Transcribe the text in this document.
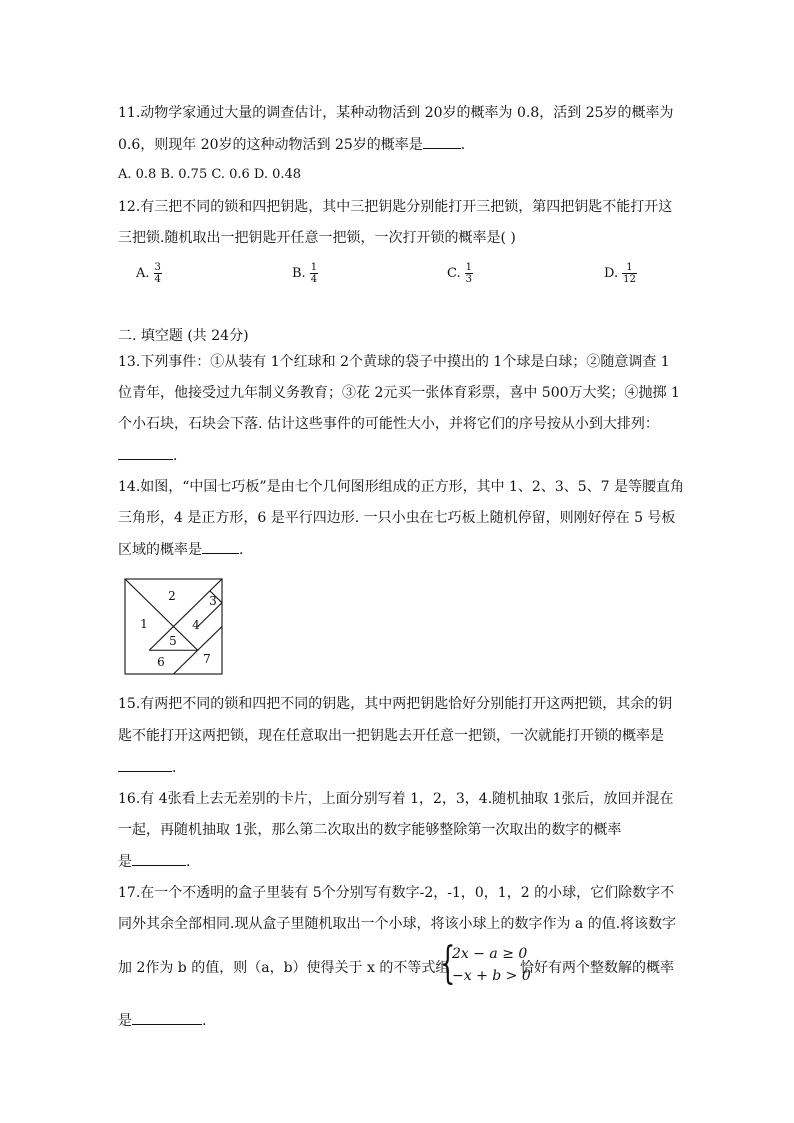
11.动物学家通过大量的调查估计，某种动物活到 20岁的概率为 0.8，活到 25岁的概率为
0.6，则现年 20岁的这种动物活到 25岁的概率是	.
A. 0.8 B. 0.75 C. 0.6 D. 0.48
12.有三把不同的锁和四把钥匙，其中三把钥匙分别能打开三把锁，第四把钥匙不能打开这
三把锁.随机取出一把钥匙开任意一把锁，一次打开锁的概率是( )
A. $\frac{3}{4}$	B. $\frac{1}{4}$	C. $\frac{1}{3}$	D. $\frac{1}{12}$
二. 填空题 (共 24分)
13.下列事件：①从装有 1个红球和 2个黄球的袋子中摸出的 1个球是白球；②随意调查 1
位青年，他接受过九年制义务教育；③花 2元买一张体育彩票，喜中 500万大奖；④抛掷 1
个小石块，石块会下落. 估计这些事件的可能性大小，并将它们的序号按从小到大排列：
.
14.如图，“中国七巧板”是由七个几何图形组成的正方形，其中 1、2、3、5、7 是等腰直角
三角形，4 是正方形，6 是平行四边形. 一只小虫在七巧板上随机停留，则刚好停在 5 号板
区域的概率是	.
2	3
1	4
5
6	7
15.有两把不同的锁和四把不同的钥匙，其中两把钥匙恰好分别能打开这两把锁，其余的钥
匙不能打开这两把锁，现在任意取出一把钥匙去开任意一把锁，一次就能打开锁的概率是
.
16.有 4张看上去无差别的卡片，上面分别写着 1，2，3，4.随机抽取 1张后，放回并混在
一起，再随机抽取 1张，那么第二次取出的数字能够整除第一次取出的数字的概率
是	.
17.在一个不透明的盒子里装有 5个分别写有数字-2，-1，0，1，2 的小球，它们除数字不
同外其余全部相同.现从盒子里随机取出一个小球，将该小球上的数字作为 a 的值.将该数字
加 2作为 b 的值，则（a，b）使得关于 x 的不等式组
{
2x − a ≥ 0
−x + b > 0
恰好有两个整数解的概率
是	.
